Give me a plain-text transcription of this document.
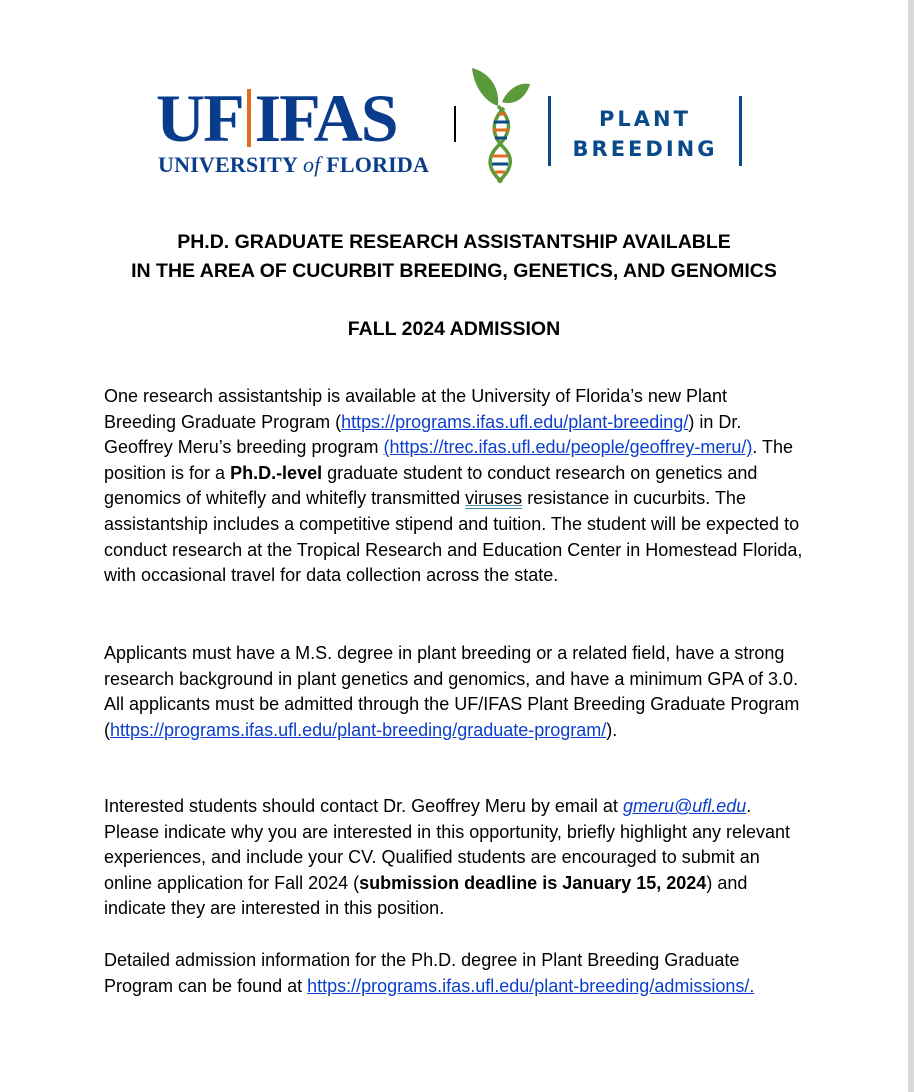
UF IFAS
UNIVERSITY of FLORIDA
PLANT
BREEDING
PH.D. GRADUATE RESEARCH ASSISTANTSHIP AVAILABLE
IN THE AREA OF CUCURBIT BREEDING, GENETICS, AND GENOMICS
FALL 2024 ADMISSION
One research assistantship is available at the University of Florida’s new Plant Breeding Graduate Program (https://programs.ifas.ufl.edu/plant-breeding/) in Dr. Geoffrey Meru’s breeding program (https://trec.ifas.ufl.edu/people/geoffrey-meru/). The position is for a Ph.D.-level graduate student to conduct research on genetics and genomics of whitefly and whitefly transmitted viruses resistance in cucurbits. The assistantship includes a competitive stipend and tuition. The student will be expected to conduct research at the Tropical Research and Education Center in Homestead Florida, with occasional travel for data collection across the state.
Applicants must have a M.S. degree in plant breeding or a related field, have a strong research background in plant genetics and genomics, and have a minimum GPA of 3.0. All applicants must be admitted through the UF/IFAS Plant Breeding Graduate Program (https://programs.ifas.ufl.edu/plant-breeding/graduate-program/).
Interested students should contact Dr. Geoffrey Meru by email at gmeru@ufl.edu. Please indicate why you are interested in this opportunity, briefly highlight any relevant experiences, and include your CV. Qualified students are encouraged to submit an online application for Fall 2024 (submission deadline is January 15, 2024) and indicate they are interested in this position.
Detailed admission information for the Ph.D. degree in Plant Breeding Graduate Program can be found at https://programs.ifas.ufl.edu/plant-breeding/admissions/.
